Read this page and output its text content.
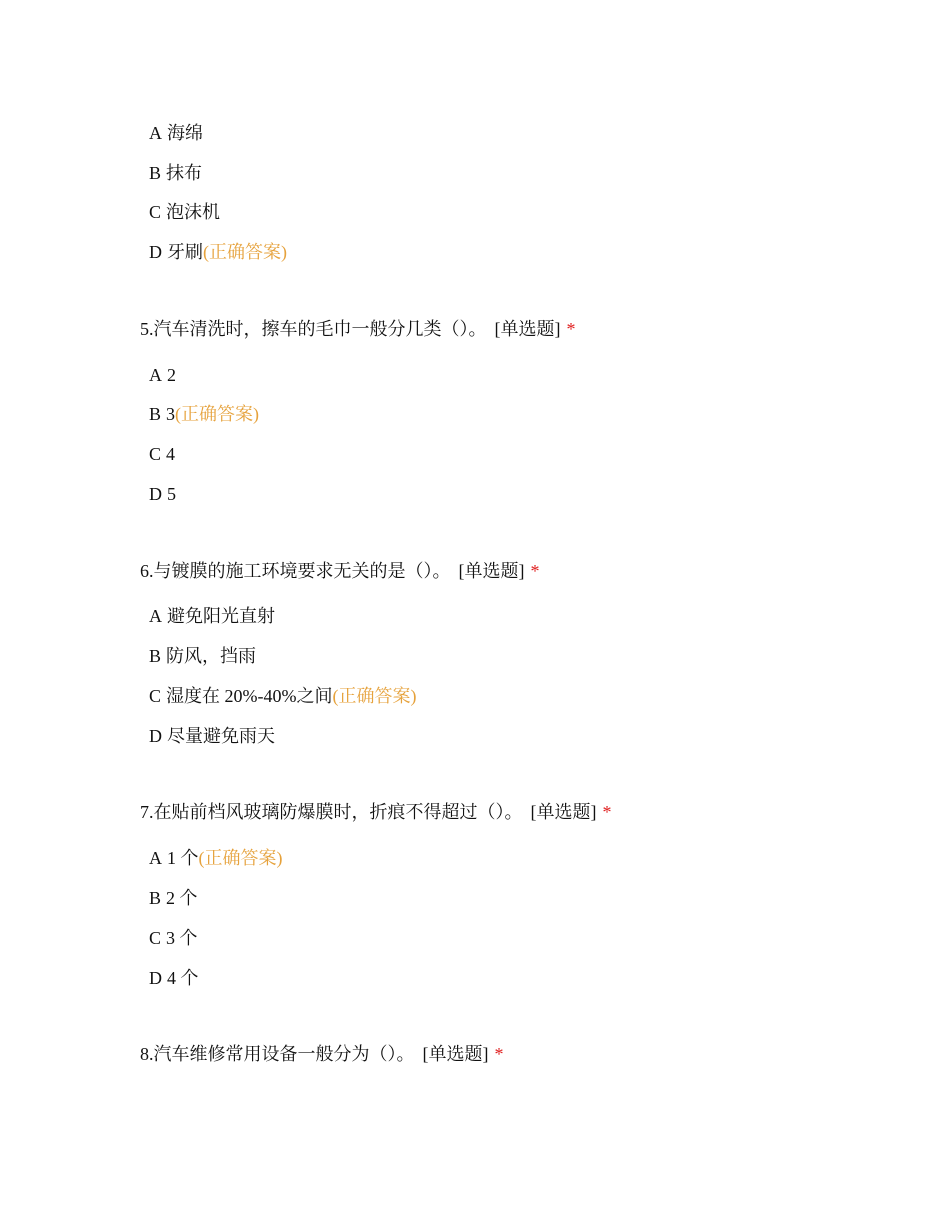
A 海绵
B 抹布
C 泡沫机
D 牙刷(正确答案)
5.汽车清洗时，擦车的毛巾一般分几类（）。 [单选题] *
A 2
B 3(正确答案)
C 4
D 5
6.与镀膜的施工环境要求无关的是（）。 [单选题] *
A 避免阳光直射
B 防风，挡雨
C 湿度在 20%-40%之间(正确答案)
D 尽量避免雨天
7.在贴前档风玻璃防爆膜时，折痕不得超过（）。 [单选题] *
A 1 个(正确答案)
B 2 个
C 3 个
D 4 个
8.汽车维修常用设备一般分为（）。 [单选题] *
